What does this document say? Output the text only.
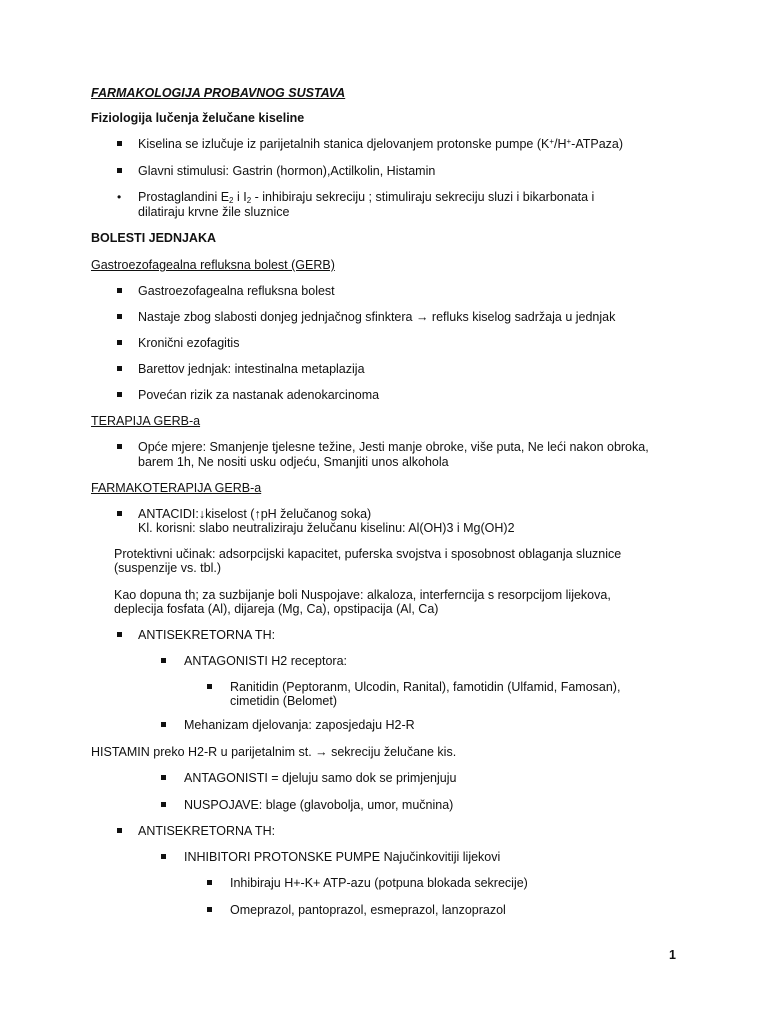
FARMAKOLOGIJA PROBAVNOG SUSTAVA
Fiziologija lučenja želučane kiseline
Kiselina se izlučuje iz parijetalnih stanica djelovanjem protonske pumpe (K+/H+-ATPaza)
Glavni stimulusi: Gastrin (hormon),Actilkolin, Histamin
• Prostaglandini $E_2$ i $I_2$ - inhibiraju sekreciju ; stimuliraju sekreciju sluzi i bikarbonata i
dilatiraju krvne žile sluznice
BOLESTI JEDNJAKA
Gastroezofagealna refluksna bolest (GERB)
Gastroezofagealna refluksna bolest
Nastaje zbog slabosti donjeg jednjačnog sfinktera → refluks kiselog sadržaja u jednjak
Kronični ezofagitis
Barettov jednjak: intestinalna metaplazija
Povećan rizik za nastanak adenokarcinoma
TERAPIJA GERB-a
Opće mjere: Smanjenje tjelesne težine, Jesti manje obroke, više puta, Ne leći nakon obroka,
barem 1h, Ne nositi usku odjeću, Smanjiti unos alkohola
FARMAKOTERAPIJA GERB-a
ANTACIDI:↓kiselost (↑pH želučanog soka)
Kl. korisni: slabo neutraliziraju želučanu kiselinu: Al(OH)3 i Mg(OH)2
Protektivni učinak: adsorpcijski kapacitet, puferska svojstva i sposobnost oblaganja sluznice
(suspenzije vs. tbl.)
Kao dopuna th; za suzbijanje boli Nuspojave: alkaloza, interferncija s resorpcijom lijekova,
deplecija fosfata (Al), dijareja (Mg, Ca), opstipacija (Al, Ca)
ANTISEKRETORNA TH:
ANTAGONISTI H2 receptora:
Ranitidin (Peptoranm, Ulcodin, Ranital), famotidin (Ulfamid, Famosan),
cimetidin (Belomet)
Mehanizam djelovanja: zaposjedaju H2-R
HISTAMIN preko H2-R u parijetalnim st. → sekreciju želučane kis.
ANTAGONISTI = djeluju samo dok se primjenjuju
NUSPOJAVE: blage (glavobolja, umor, mučnina)
ANTISEKRETORNA TH:
INHIBITORI PROTONSKE PUMPE Najučinkovitiji lijekovi
Inhibiraju H+-K+ ATP-azu (potpuna blokada sekrecije)
Omeprazol, pantoprazol, esmeprazol, lanzoprazol
1
